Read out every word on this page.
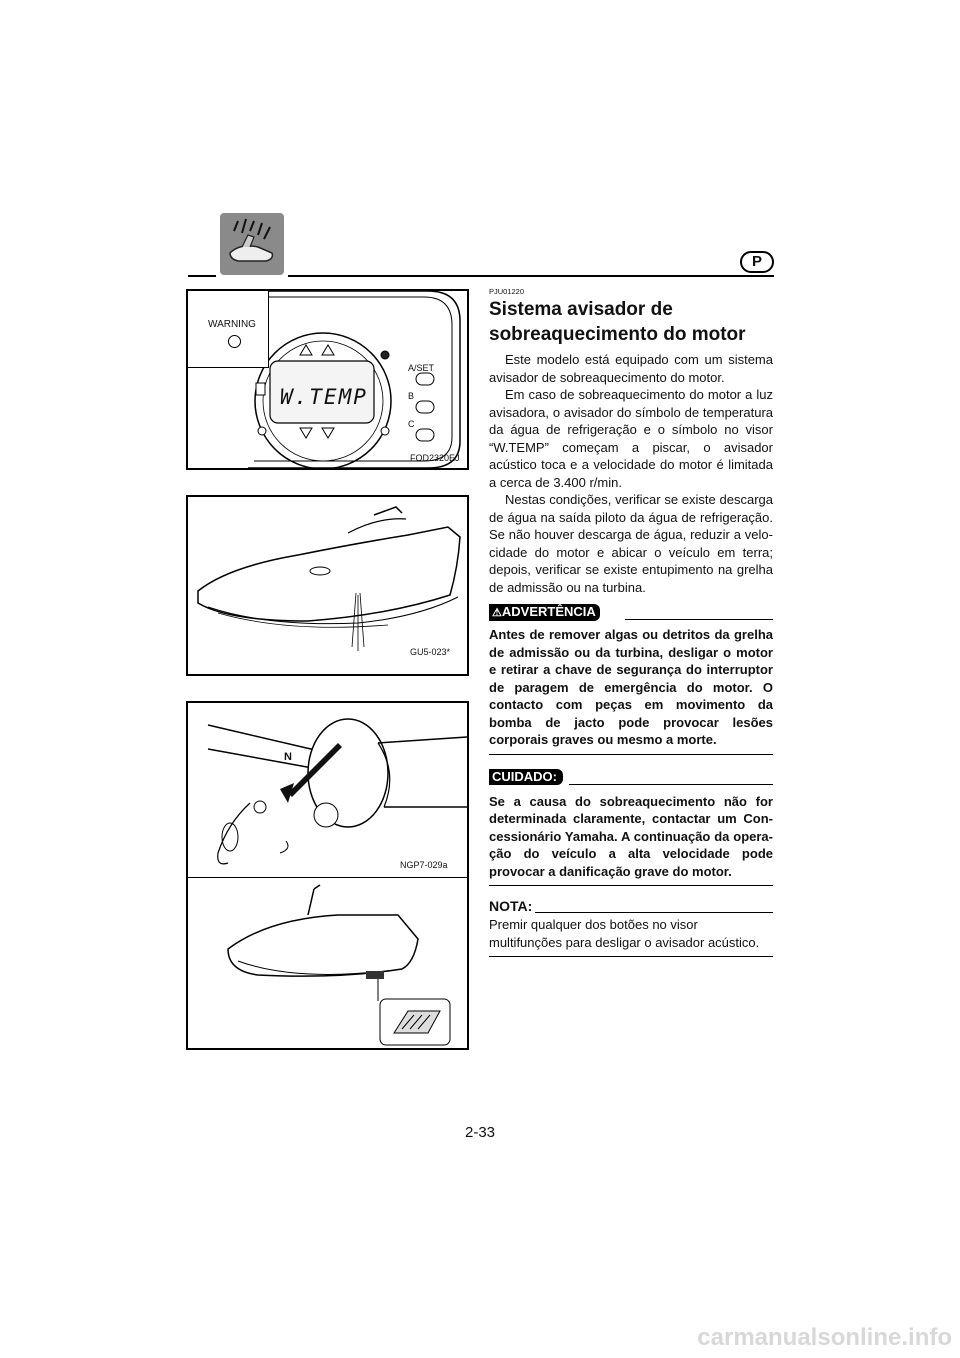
P
WARNING
W.TEMP
A/SET
B
C
FOD2320EJ
GU5-023*
N
NGP7-029a
PJU01220
Sistema avisador de
sobreaquecimento do motor

Este modelo está equipado com um sistema avisador de sobreaquecimento do motor.

Em caso de sobreaquecimento do motor a luz avisadora, o avisador do símbolo de temperatura da água de refrigeração e o símbolo no visor “W.TEMP” começam a piscar, o avisador acústico toca e a velocidade do motor é limitada a cerca de 3.400 r/min.

Nestas condições, verificar se existe descarga de água na saída piloto da água de refrigeração. Se não houver descarga de água, reduzir a velo-cidade do motor e abicar o veículo em terra; depois, verificar se existe entupimento na grelha de admissão ou na turbina.

⚠ADVERTÊNCIA

Antes de remover algas ou detritos da grelha de admissão ou da turbina, desligar o motor e retirar a chave de segurança do interruptor de paragem de emergência do motor. O contacto com peças em movimento da bomba de jacto pode provocar lesões corporais graves ou mesmo a morte.

CUIDADO:

Se a causa do sobreaquecimento não for determinada claramente, contactar um Con-cessionário Yamaha. A continuação da opera-ção do veículo a alta velocidade pode provocar a danificação grave do motor.

NOTA:

Premir qualquer dos botões no visor multifunções para desligar o avisador acústico.

2-33
carmanualsonline.info
